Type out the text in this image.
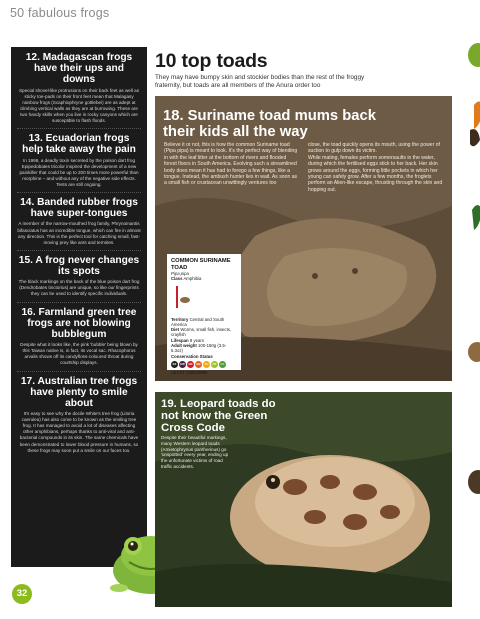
50 fabulous frogs
12. Madagascan frogs have their ups and downs
Special shovel-like protrusions on their back feet as well as sticky toe-pads on their front feet mean that Malagasy rainbow frogs (Scaphiophryne gottlebei) are as adept at climbing vertical walls as they are at burrowing. These are two handy skills when you live in rocky canyons which are susceptible to flash floods.
13. Ecuadorian frogs help take away the pain
In 1998, a deadly toxin secreted by the poison dart frog Epipedobates tricolor inspired the development of a new painkiller that could be up to 200 times more powerful than morphine – and without any of the negative side effects. Tests are still ongoing.
14. Banded rubber frogs have super-tongues
A member of the narrow-mouthed frog family, Phrynomantis bifasciatus has an incredible tongue, which can fire in almost any direction. This is the perfect tool for catching small, fast-moving prey like ants and termites.
15. A frog never changes its spots
The black markings on the back of the blue poison dart frog (Dendrobates tinctorius) are unique, so like our fingerprints they can be used to identify specific individuals.
16. Farmland green tree frogs are not blowing bubblegum
Despite what it looks like, the pink 'bubble' being blown by this Taiwan native is, in fact, its vocal sac. Rhacophorus arvalis shows off its candyfloss-coloured throat during courtship displays.
17. Australian tree frogs have plenty to smile about
It's easy to see why the docile White's tree frog (Litoria caerulea) has also come to be known as the smiling tree frog. It has managed to avoid a lot of diseases affecting other amphibians, perhaps thanks to anti-viral and anti-bacterial compounds in its skin. The same chemicals have been demonstrated to lower blood pressure in humans, so these frogs may soon put a smile on our faces too.
32
10 top toads
They may have bumpy skin and stockier bodies than the rest of the froggy fraternity, but toads are all members of the Anura order too
18. Suriname toad mums back their kids all the way

Believe it or not, this is how the common Suriname toad (Pipa pipa) is meant to look. It's the perfect way of blending in with the leaf litter at the bottom of rivers and flooded forest floors in South America. Evolving such a streamlined body does mean it has had to forego a few things, like a tongue. Instead, the ambush hunter lies in wait. As soon as a small fish or crustacean unwittingly ventures too

close, the toad quickly opens its mouth, using the power of suction to gulp down its victim.
While mating, females perform somersaults in the water, during which the fertilised eggs stick to her back. Her skin grows around the eggs, forming little pockets in which her young can safely grow. After a few months, the froglets perform an Alien-like escape, thrusting through the skin and hopping out.

COMMON SURINAME TOAD
Pipa pipa
Class Amphibia
Territory Central and South America
Diet Worms, small fish, insects, crayfish
Lifespan 8 years
Adult weight 100-150g (3.5-5.3oz)
Conservation Status
EX	EW	CR	EN	VU	NT	LC
LEAST CONCERN
19. Leopard toads do not know the Green Cross Code
Despite their beautiful markings, many Western leopard toads (Amietophrynus pantherinus) go 'unspotted' every year, ending up the unfortunate victims of road traffic accidents.
